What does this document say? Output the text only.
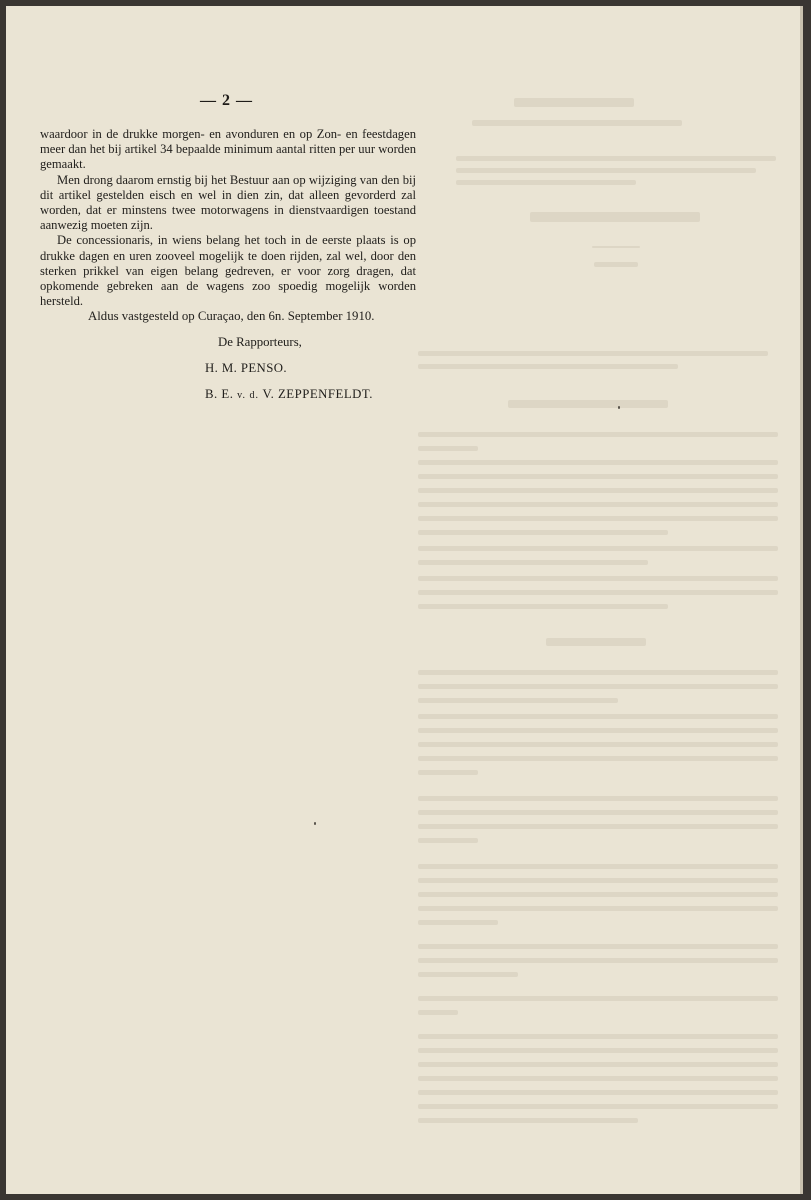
— 2 —

waardoor in de drukke morgen- en avonduren en op Zon- en feestdagen meer dan het bij artikel 34 bepaalde minimum aantal ritten per uur worden gemaakt.

Men drong daarom ernstig bij het Bestuur aan op wijziging van den bij dit artikel gestelden eisch en wel in dien zin, dat alleen gevorderd zal worden, dat er minstens twee motorwagens in dienstvaardigen toestand aanwezig moeten zijn.

De concessionaris, in wiens belang het toch in de eerste plaats is op drukke dagen en uren zooveel mogelijk te doen rijden, zal wel, door den sterken prikkel van eigen belang gedreven, er voor zorg dragen, dat opkomende gebreken aan de wagens zoo spoedig mogelijk worden hersteld.

Aldus vastgesteld op Curaçao, den 6n. September 1910.
De Rapporteurs,
H. M. PENSO.
B. E. v. d. V. ZEPPENFELDT.
